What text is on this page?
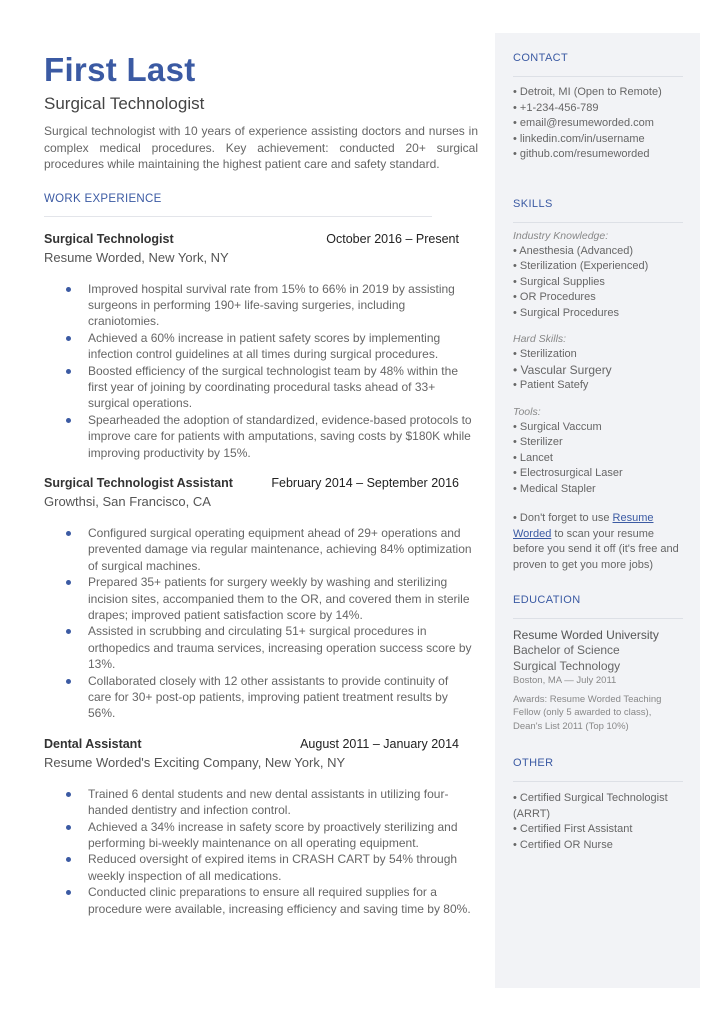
First Last
Surgical Technologist
Surgical technologist with 10 years of experience assisting doctors and nurses in complex medical procedures. Key achievement: conducted 20+ surgical procedures while maintaining the highest patient care and safety standard.
WORK EXPERIENCE
Surgical Technologist	October 2016 – Present
Resume Worded, New York, NY
Improved hospital survival rate from 15% to 66% in 2019 by assisting surgeons in performing 190+ life-saving surgeries, including craniotomies.
Achieved a 60% increase in patient safety scores by implementing infection control guidelines at all times during surgical procedures.
Boosted efficiency of the surgical technologist team by 48% within the first year of joining by coordinating procedural tasks ahead of 33+ surgical operations.
Spearheaded the adoption of standardized, evidence-based protocols to improve care for patients with amputations, saving costs by $180K while improving productivity by 15%.
Surgical Technologist Assistant	February 2014 – September 2016
Growthsi, San Francisco, CA
Configured surgical operating equipment ahead of 29+ operations and prevented damage via regular maintenance, achieving 84% optimization of surgical machines.
Prepared 35+ patients for surgery weekly by washing and sterilizing incision sites, accompanied them to the OR, and covered them in sterile drapes; improved patient satisfaction score by 14%.
Assisted in scrubbing and circulating 51+ surgical procedures in orthopedics and trauma services, increasing operation success score by 13%.
Collaborated closely with 12 other assistants to provide continuity of care for 30+ post-op patients, improving patient treatment results by 56%.
Dental Assistant	August 2011 – January 2014
Resume Worded's Exciting Company, New York, NY
Trained 6 dental students and new dental assistants in utilizing four-handed dentistry and infection control.
Achieved a 34% increase in safety score by proactively sterilizing and performing bi-weekly maintenance on all operating equipment.
Reduced oversight of expired items in CRASH CART by 54% through weekly inspection of all medications.
Conducted clinic preparations to ensure all required supplies for a procedure were available, increasing efficiency and saving time by 80%.
CONTACT
• Detroit, MI (Open to Remote)
• +1-234-456-789
• email@resumeworded.com
• linkedin.com/in/username
• github.com/resumeworded
SKILLS
Industry Knowledge:
• Anesthesia (Advanced)
• Sterilization (Experienced)
• Surgical Supplies
• OR Procedures
• Surgical Procedures
Hard Skills:
• Sterilization
• Vascular Surgery
• Patient Satefy
Tools:
• Surgical Vaccum
• Sterilizer
• Lancet
• Electrosurgical Laser
• Medical Stapler
• Don't forget to use Resume Worded to scan your resume before you send it off (it's free and proven to get you more jobs)
EDUCATION
Resume Worded University
Bachelor of Science
Surgical Technology
Boston, MA — July 2011
Awards: Resume Worded Teaching Fellow (only 5 awarded to class), Dean's List 2011 (Top 10%)
OTHER
• Certified Surgical Technologist (ARRT)
• Certified First Assistant
• Certified OR Nurse
